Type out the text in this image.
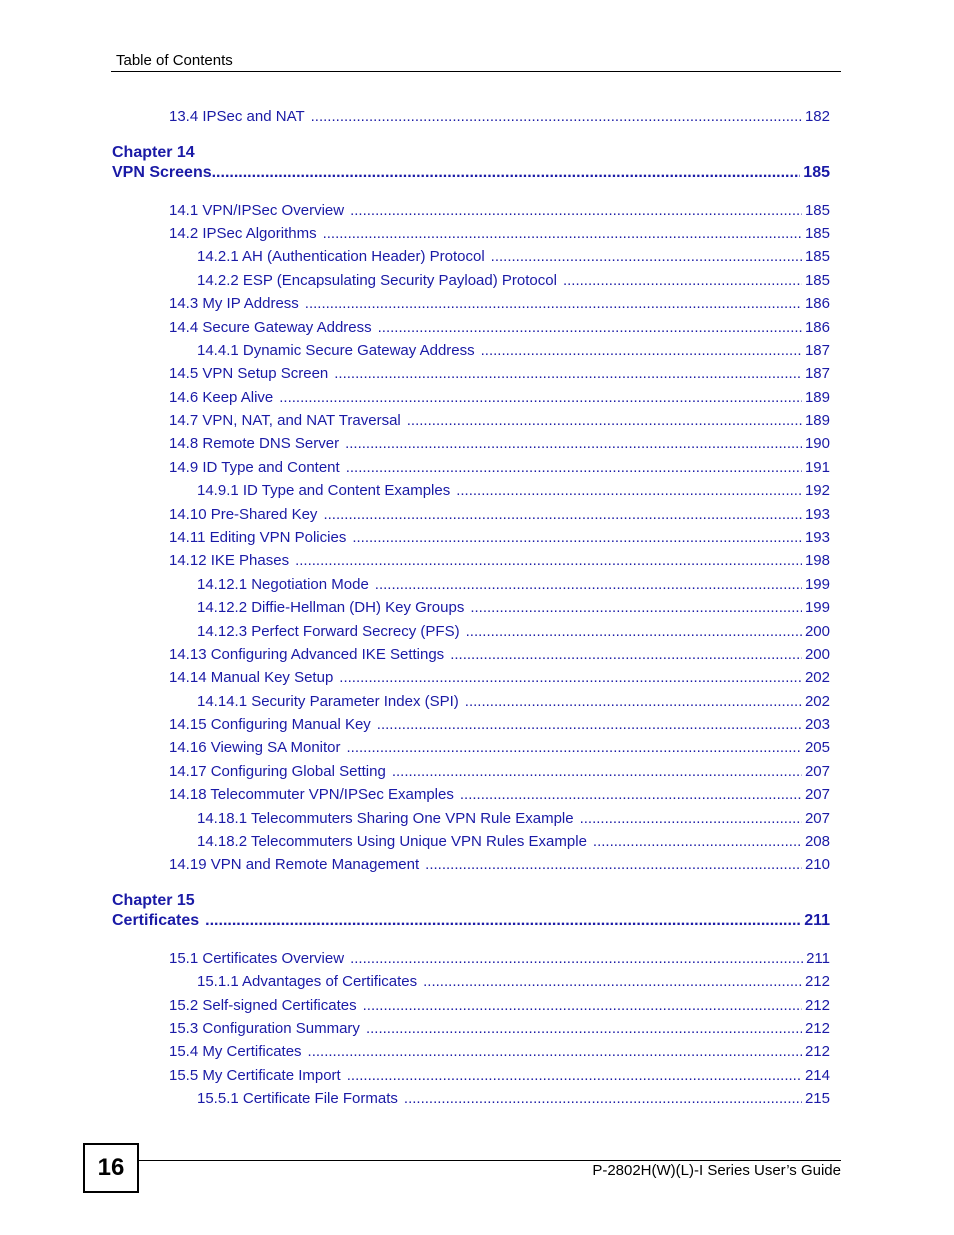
Table of Contents
13.4 IPSec and NAT .....	182
Chapter 14
VPN Screens .....	185
14.1 VPN/IPSec Overview .....	185
14.2 IPSec Algorithms .....	185
14.2.1 AH (Authentication Header) Protocol .....	185
14.2.2 ESP (Encapsulating Security Payload) Protocol .....	185
14.3 My IP Address .....	186
14.4 Secure Gateway Address .....	186
14.4.1 Dynamic Secure Gateway Address .....	187
14.5 VPN Setup Screen .....	187
14.6 Keep Alive .....	189
14.7 VPN, NAT, and NAT Traversal .....	189
14.8 Remote DNS Server .....	190
14.9 ID Type and Content .....	191
14.9.1 ID Type and Content Examples .....	192
14.10 Pre-Shared Key .....	193
14.11 Editing VPN Policies .....	193
14.12 IKE Phases .....	198
14.12.1 Negotiation Mode .....	199
14.12.2 Diffie-Hellman (DH) Key Groups .....	199
14.12.3 Perfect Forward Secrecy (PFS) .....	200
14.13 Configuring Advanced IKE Settings .....	200
14.14 Manual Key Setup .....	202
14.14.1 Security Parameter Index (SPI) .....	202
14.15 Configuring Manual Key .....	203
14.16 Viewing SA Monitor .....	205
14.17 Configuring Global Setting .....	207
14.18 Telecommuter VPN/IPSec Examples .....	207
14.18.1 Telecommuters Sharing One VPN Rule Example .....	207
14.18.2 Telecommuters Using Unique VPN Rules Example .....	208
14.19 VPN and Remote Management .....	210
Chapter 15
Certificates .....	211
15.1 Certificates Overview .....	211
15.1.1 Advantages of Certificates .....	212
15.2 Self-signed Certificates .....	212
15.3 Configuration Summary .....	212
15.4 My Certificates .....	212
15.5 My Certificate Import .....	214
15.5.1 Certificate File Formats .....	215
16	P-2802H(W)(L)-I Series User’s Guide
